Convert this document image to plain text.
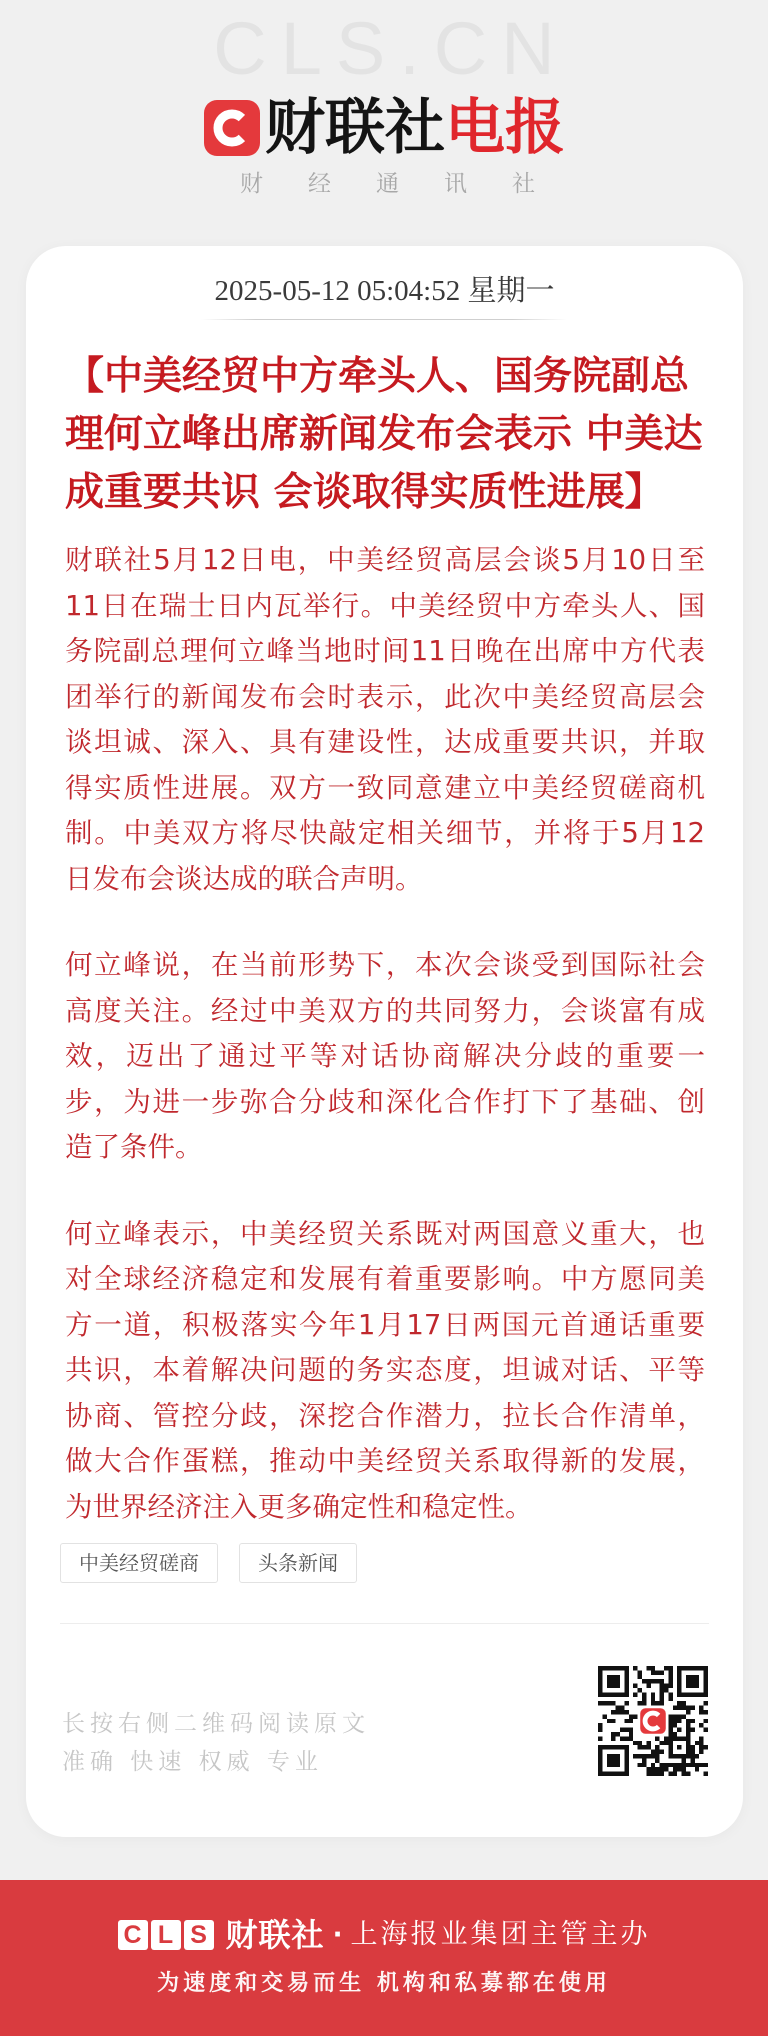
CLS.CN
财联社电报
财经通讯社
2025-05-12 05:04:52 星期一
【中美经贸中方牵头人、国务院副总
理何立峰出席新闻发布会表示 中美达
成重要共识 会谈取得实质性进展】
财联社5月12日电，中美经贸高层会谈5月10日至
11日在瑞士日内瓦举行。中美经贸中方牵头人、国
务院副总理何立峰当地时间11日晚在出席中方代表
团举行的新闻发布会时表示，此次中美经贸高层会
谈坦诚、深入、具有建设性，达成重要共识，并取
得实质性进展。双方一致同意建立中美经贸磋商机
制。中美双方将尽快敲定相关细节，并将于5月12
日发布会谈达成的联合声明。
何立峰说，在当前形势下，本次会谈受到国际社会
高度关注。经过中美双方的共同努力，会谈富有成
效，迈出了通过平等对话协商解决分歧的重要一
步，为进一步弥合分歧和深化合作打下了基础、创
造了条件。
何立峰表示，中美经贸关系既对两国意义重大，也
对全球经济稳定和发展有着重要影响。中方愿同美
方一道，积极落实今年1月17日两国元首通话重要
共识，本着解决问题的务实态度，坦诚对话、平等
协商、管控分歧，深挖合作潜力，拉长合作清单，
做大合作蛋糕，推动中美经贸关系取得新的发展，
为世界经济注入更多确定性和稳定性。
中美经贸磋商	头条新闻
长按右侧二维码阅读原文
准确 快速 权威 专业
C L S 财联社 · 上海报业集团主管主办
为速度和交易而生 机构和私募都在使用
